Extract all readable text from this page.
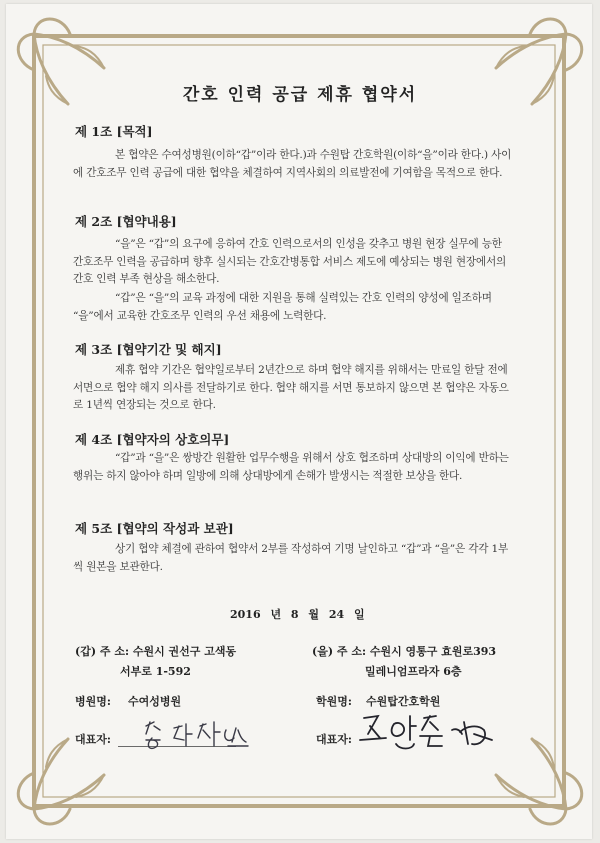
간호 인력 공급 제휴 협약서
제 1조 [목적]

본 협약은 수여성병원(이하“갑”이라 한다.)과 수원탑 간호학원(이하“을”이라 한다.) 사이에 간호조무 인력 공급에 대한 협약을 체결하여 지역사회의 의료발전에 기여함을 목적으로 한다.

제 2조 [협약내용]

“을”은 “갑”의 요구에 응하여 간호 인력으로서의 인성을 갖추고 병원 현장 실무에 능한 간호조무 인력을 공급하며 향후 실시되는 간호간병통합 서비스 제도에 예상되는 병원 현장에서의 간호 인력 부족 현상을 해소한다.

“갑”은 “을”의 교육 과정에 대한 지원을 통해 실력있는 간호 인력의 양성에 일조하며 “을”에서 교육한 간호조무 인력의 우선 채용에 노력한다.

제 3조 [협약기간 및 해지]

제휴 협약 기간은 협약일로부터 2년간으로 하며 협약 해지를 위해서는 만료일 한달 전에 서면으로 협약 해지 의사를 전달하기로 한다. 협약 해지를 서면 통보하지 않으면 본 협약은 자동으로 1년씩 연장되는 것으로 한다.

제 4조 [협약자의 상호의무]

“갑”과 “을”은 쌍방간 원활한 업무수행을 위해서 상호 협조하며 상대방의 이익에 반하는 행위는 하지 않아야 하며 일방에 의해 상대방에게 손해가 발생시는 적절한 보상을 한다.

제 5조 [협약의 작성과 보관]

상기 협약 체결에 관하여 협약서 2부를 작성하여 기명 날인하고 “갑”과 “을”은 각각 1부씩 원본을 보관한다.

2016 년 8 월 24 일
(갑) 주 소: 수원시 권선구 고색동
서부로 1-592
병원명: 수여성병원
대표자:
(을) 주 소: 수원시 영통구 효원로393
밀레니엄프라자 6층
학원명: 수원탑간호학원
대표자:
